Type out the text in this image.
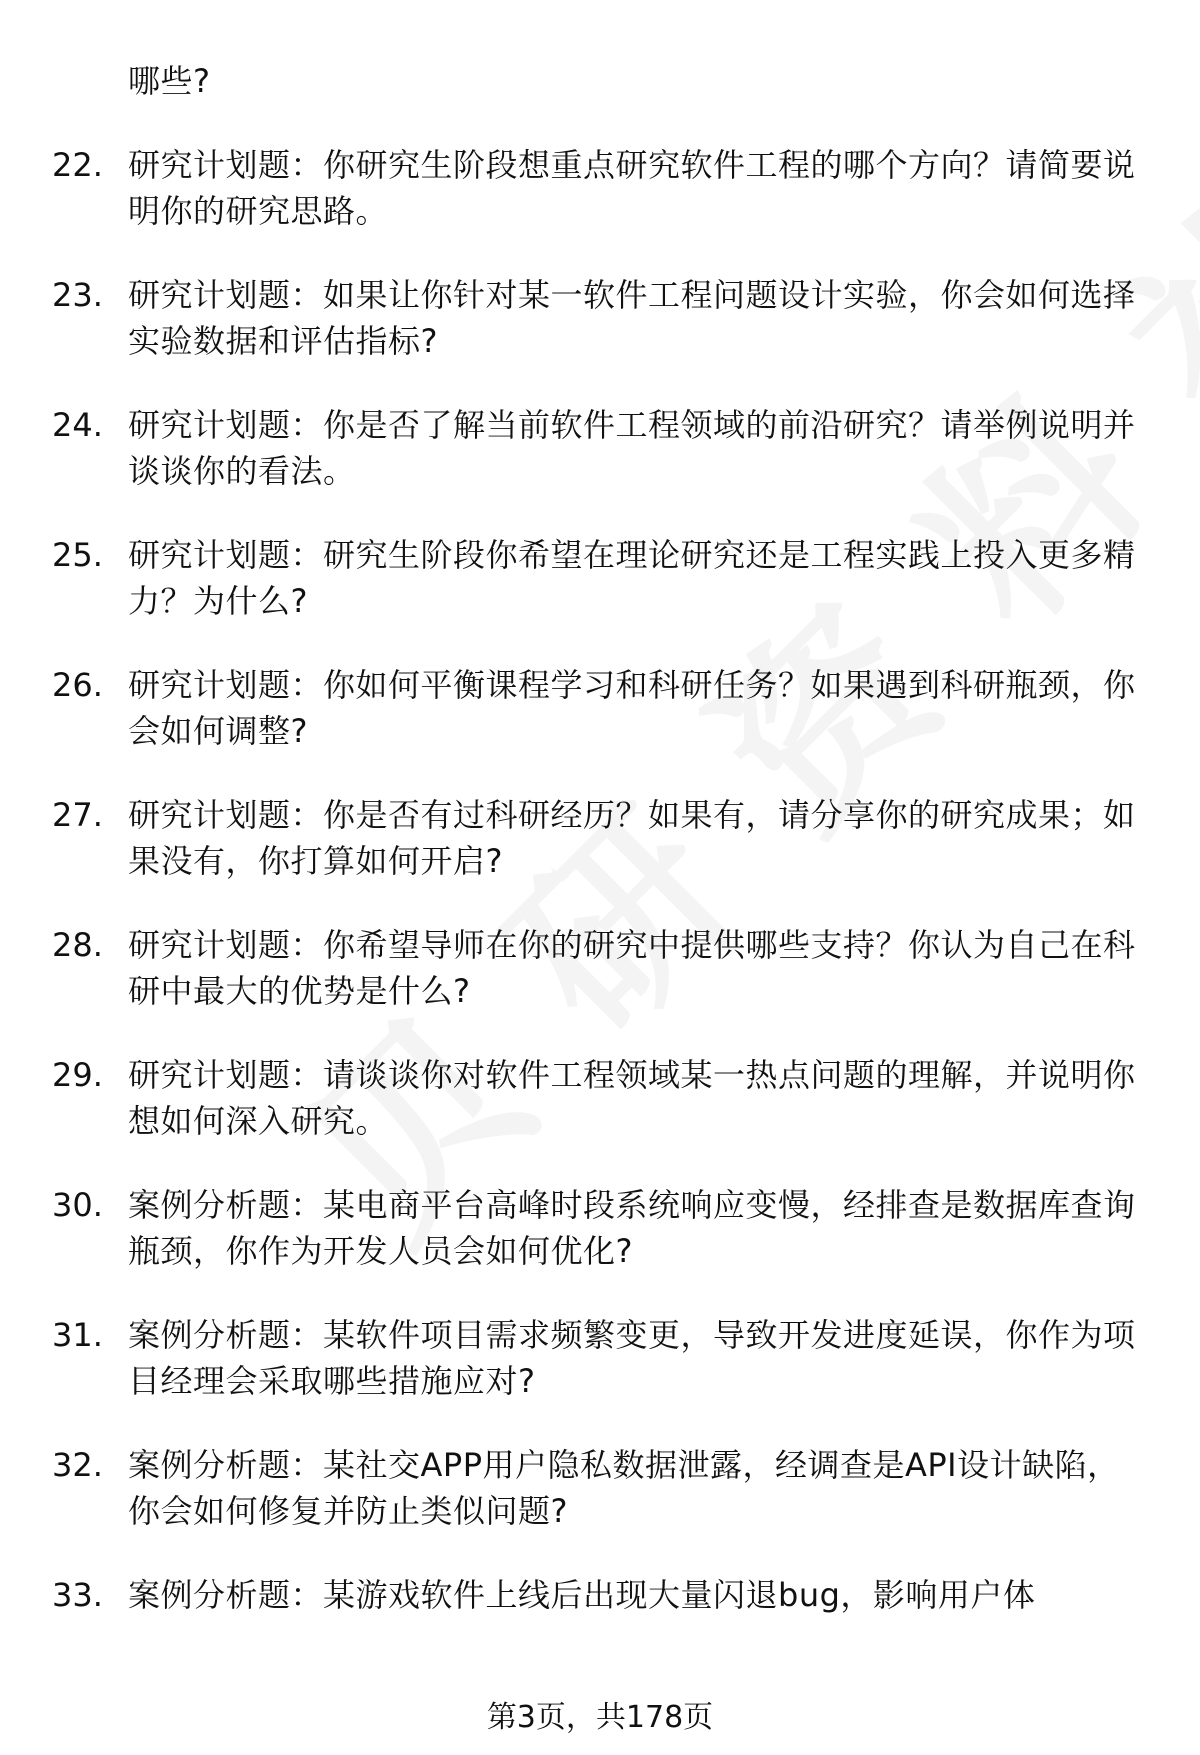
哪些?
22. 研究计划题：你研究生阶段想重点研究软件工程的哪个方向？请简要说明你的研究思路。
23. 研究计划题：如果让你针对某一软件工程问题设计实验，你会如何选择实验数据和评估指标?
24. 研究计划题：你是否了解当前软件工程领域的前沿研究？请举例说明并谈谈你的看法。
25. 研究计划题：研究生阶段你希望在理论研究还是工程实践上投入更多精力？为什么?
26. 研究计划题：你如何平衡课程学习和科研任务？如果遇到科研瓶颈，你会如何调整?
27. 研究计划题：你是否有过科研经历？如果有，请分享你的研究成果；如果没有，你打算如何开启?
28. 研究计划题：你希望导师在你的研究中提供哪些支持？你认为自己在科研中最大的优势是什么?
29. 研究计划题：请谈谈你对软件工程领域某一热点问题的理解，并说明你想如何深入研究。
30. 案例分析题：某电商平台高峰时段系统响应变慢，经排查是数据库查询瓶颈，你作为开发人员会如何优化?
31. 案例分析题：某软件项目需求频繁变更，导致开发进度延误，你作为项目经理会采取哪些措施应对?
32. 案例分析题：某社交APP用户隐私数据泄露，经调查是API设计缺陷，你会如何修复并防止类似问题?
33. 案例分析题：某游戏软件上线后出现大量闪退bug，影响用户体
第3页，共178页
